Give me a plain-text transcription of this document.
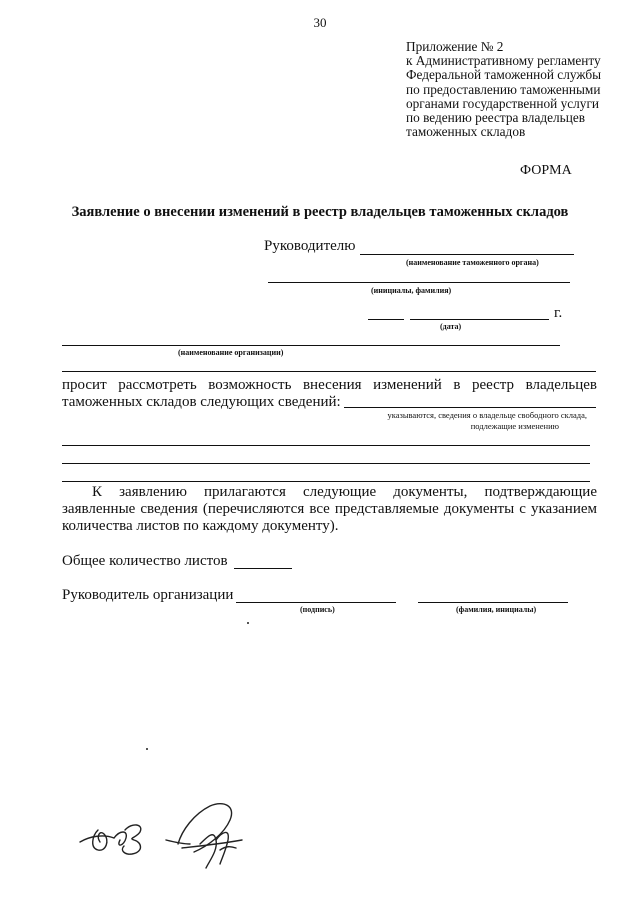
30
Приложение № 2
к Административному регламенту
Федеральной таможенной службы
по предоставлению таможенными
органами государственной услуги
по ведению реестра владельцев
таможенных складов
ФОРМА
Заявление о внесении изменений в реестр владельцев таможенных складов
Руководителю
(наименование таможенного органа)
(инициалы, фамилия)
г.
(дата)
(наименование организации)
просит рассмотреть возможность внесения изменений в реестр владельцев
таможенных складов следующих сведений:
указываются, сведения о владельце свободного склада,
подлежащие изменению
К заявлению прилагаются следующие документы, подтверждающие
заявленные сведения (перечисляются все представляемые документы с указанием
количества листов по каждому документу).
Общее количество листов
Руководитель организации
(подпись)	(фамилия, инициалы)
